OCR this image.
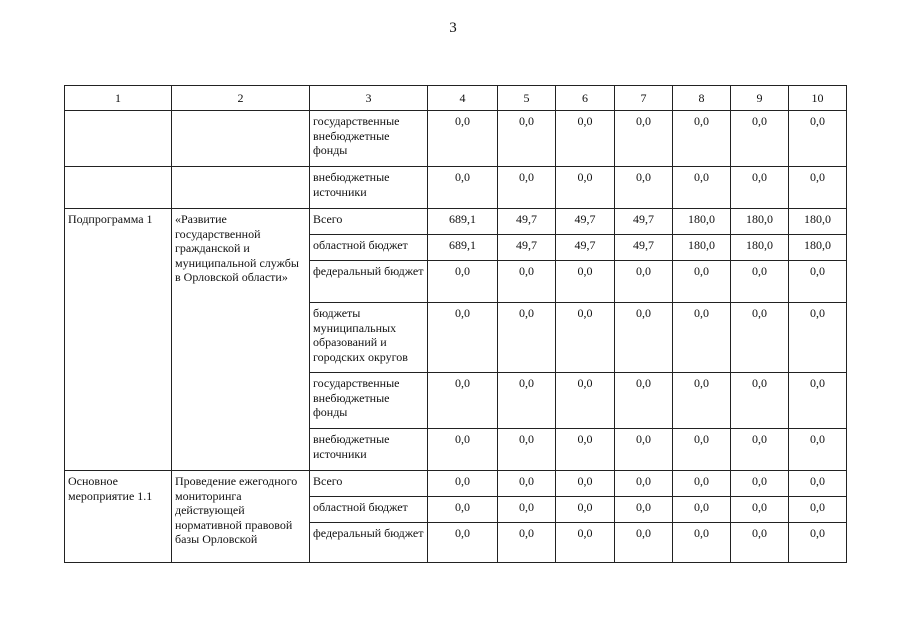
3
1	2	3	4	5	6	7	8	9	10
		государственные внебюджетные фонды	0,0	0,0	0,0	0,0	0,0	0,0	0,0
		внебюджетные источники	0,0	0,0	0,0	0,0	0,0	0,0	0,0
Подпрограмма 1	«Развитие государственной гражданской и муниципальной службы в Орловской области»	Всего	689,1	49,7	49,7	49,7	180,0	180,0	180,0
		областной бюджет	689,1	49,7	49,7	49,7	180,0	180,0	180,0
		федеральный бюджет	0,0	0,0	0,0	0,0	0,0	0,0	0,0
		бюджеты муниципальных образований и городских округов	0,0	0,0	0,0	0,0	0,0	0,0	0,0
		государственные внебюджетные фонды	0,0	0,0	0,0	0,0	0,0	0,0	0,0
		внебюджетные источники	0,0	0,0	0,0	0,0	0,0	0,0	0,0
Основное мероприятие 1.1	Проведение ежегодного мониторинга действующей нормативной правовой базы Орловской	Всего	0,0	0,0	0,0	0,0	0,0	0,0	0,0
		областной бюджет	0,0	0,0	0,0	0,0	0,0	0,0	0,0
		федеральный бюджет	0,0	0,0	0,0	0,0	0,0	0,0	0,0
